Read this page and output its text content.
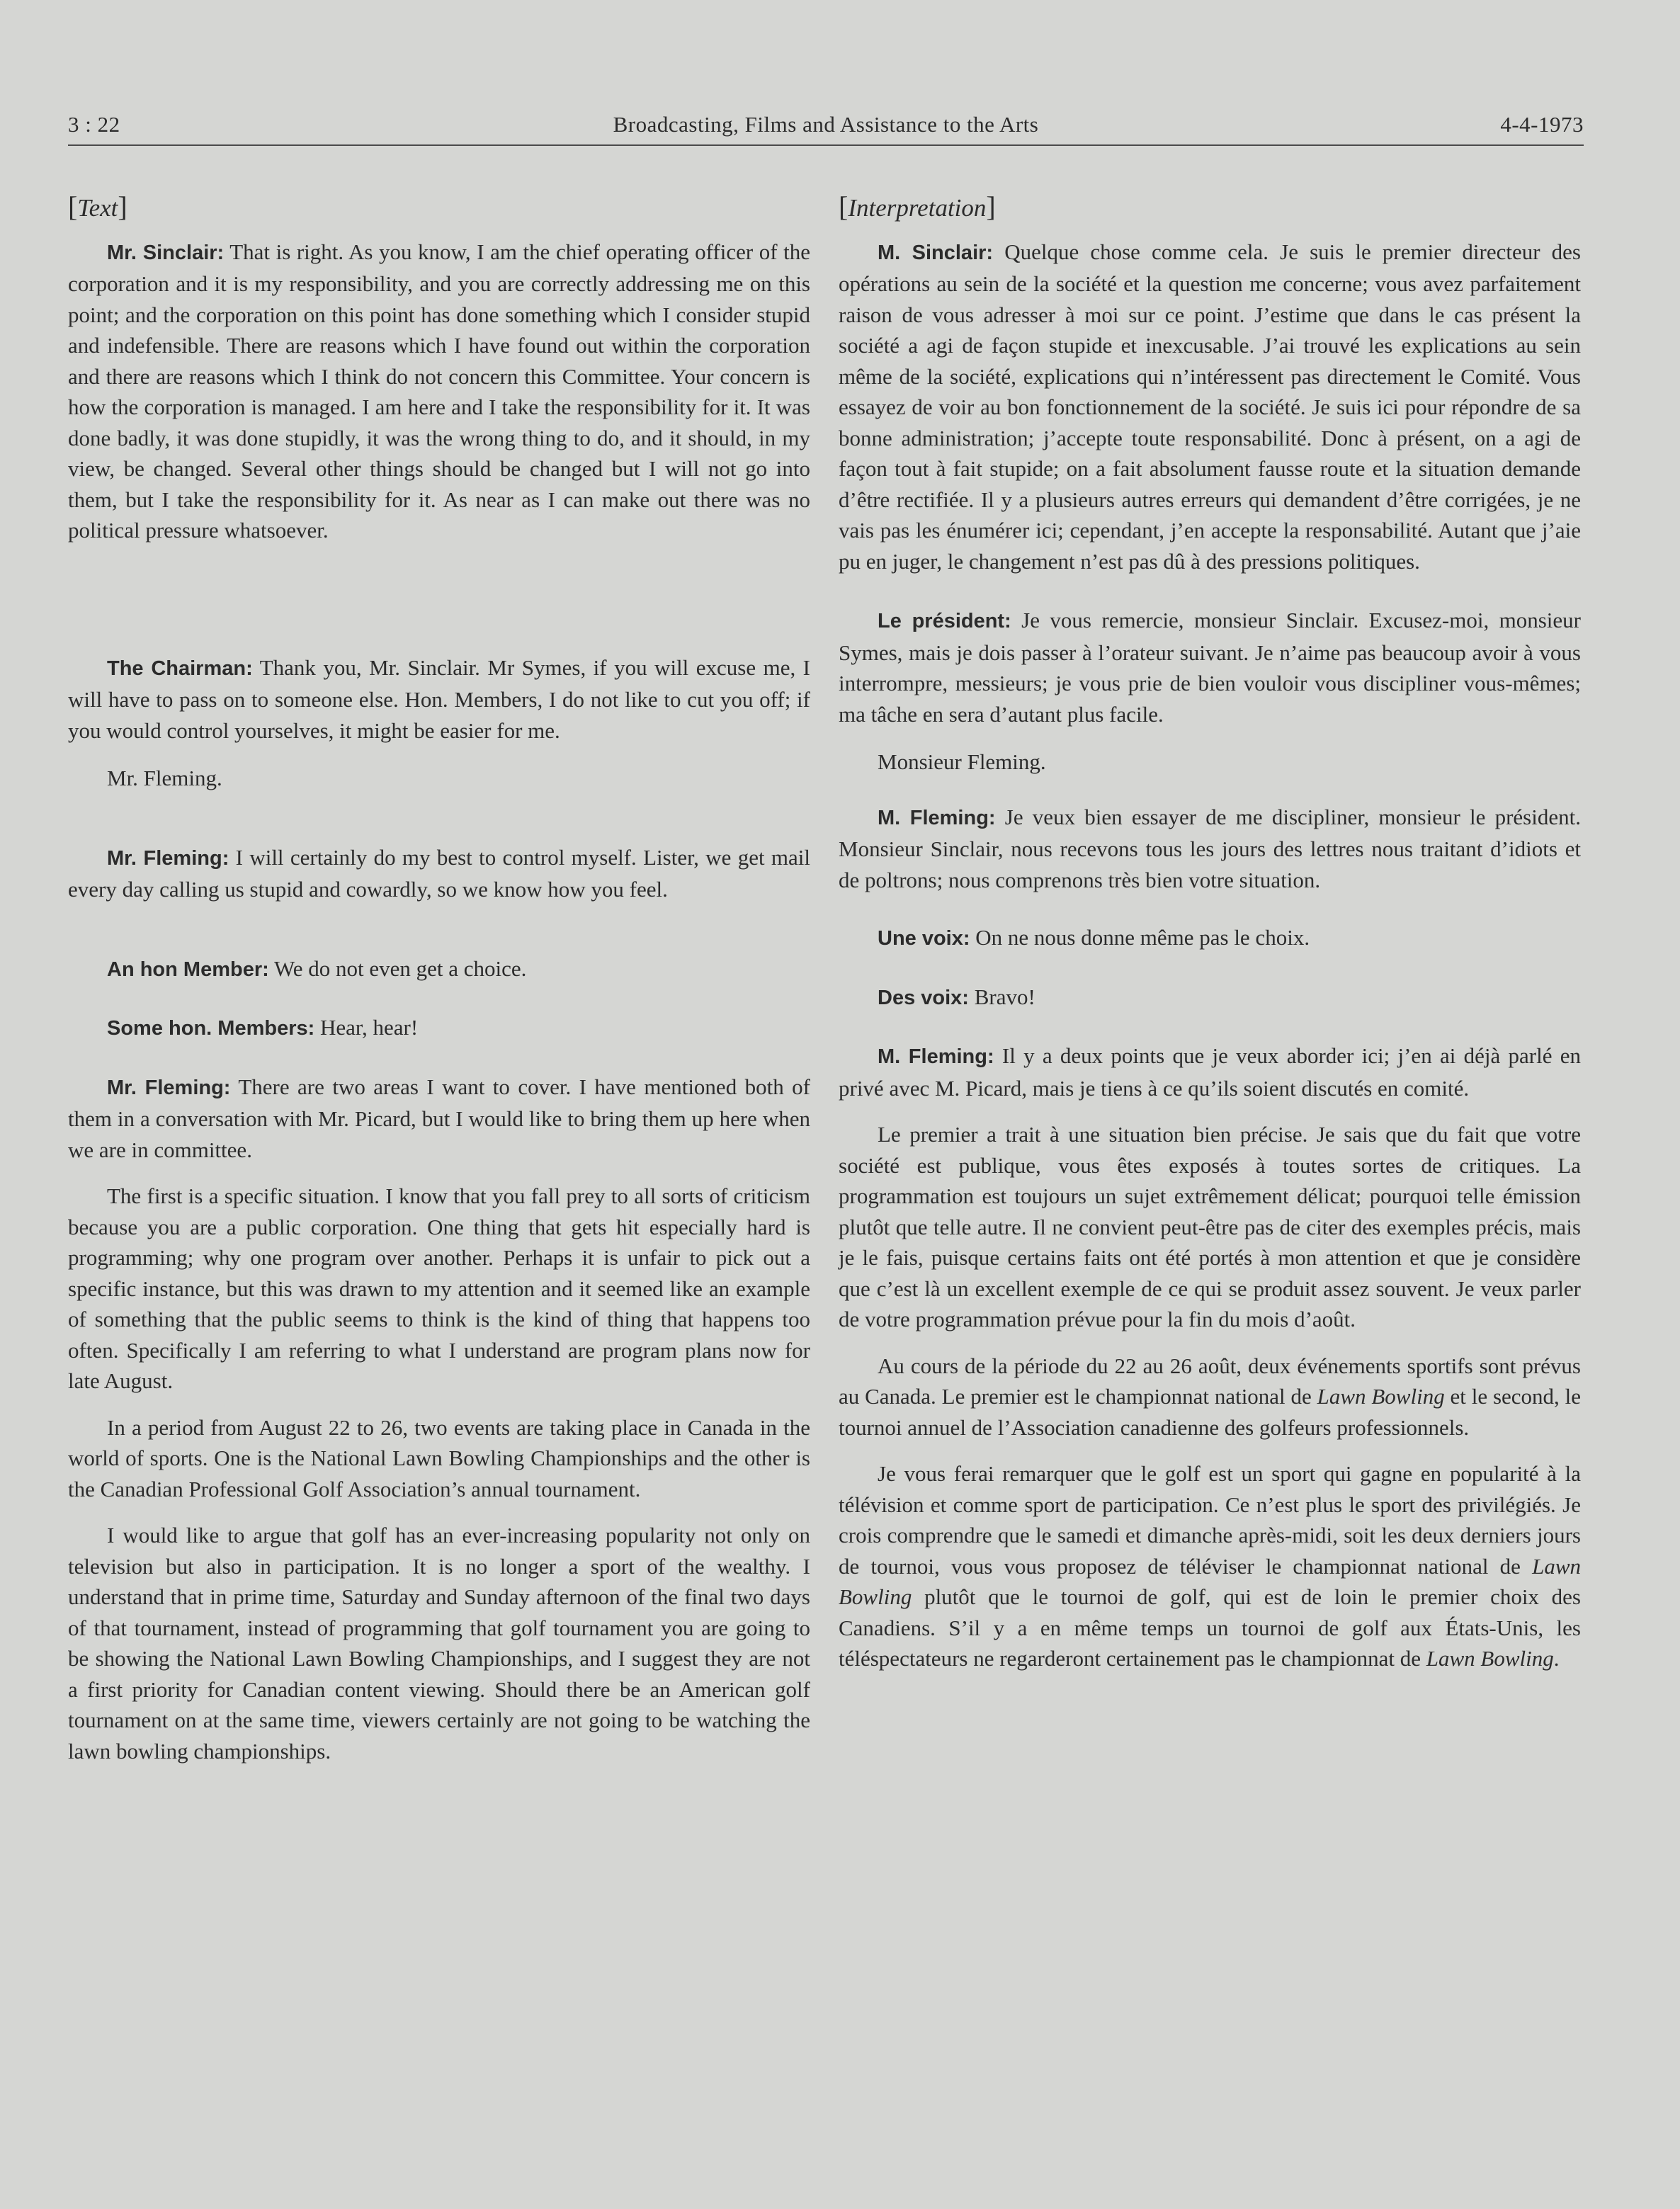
3 : 22	Broadcasting, Films and Assistance to the Arts	4-4-1973
[Text]

Mr. Sinclair: That is right. As you know, I am the chief operating officer of the corporation and it is my responsibility, and you are correctly addressing me on this point; and the corporation on this point has done something which I consider stupid and indefensible. There are reasons which I have found out within the corporation and there are reasons which I think do not concern this Committee. Your concern is how the corporation is managed. I am here and I take the responsibility for it. It was done badly, it was done stupidly, it was the wrong thing to do, and it should, in my view, be changed. Several other things should be changed but I will not go into them, but I take the responsibility for it. As near as I can make out there was no political pressure whatsoever.

The Chairman: Thank you, Mr. Sinclair. Mr Symes, if you will excuse me, I will have to pass on to someone else. Hon. Members, I do not like to cut you off; if you would control yourselves, it might be easier for me.

Mr. Fleming.

Mr. Fleming: I will certainly do my best to control myself. Lister, we get mail every day calling us stupid and cowardly, so we know how you feel.

An hon Member: We do not even get a choice.

Some hon. Members: Hear, hear!

Mr. Fleming: There are two areas I want to cover. I have mentioned both of them in a conversation with Mr. Picard, but I would like to bring them up here when we are in committee.

The first is a specific situation. I know that you fall prey to all sorts of criticism because you are a public corporation. One thing that gets hit especially hard is programming; why one program over another. Perhaps it is unfair to pick out a specific instance, but this was drawn to my attention and it seemed like an example of something that the public seems to think is the kind of thing that happens too often. Specifically I am referring to what I understand are program plans now for late August.

In a period from August 22 to 26, two events are taking place in Canada in the world of sports. One is the National Lawn Bowling Championships and the other is the Canadian Professional Golf Association’s annual tournament.

I would like to argue that golf has an ever-increasing popularity not only on television but also in participation. It is no longer a sport of the wealthy. I understand that in prime time, Saturday and Sunday afternoon of the final two days of that tournament, instead of programming that golf tournament you are going to be showing the National Lawn Bowling Championships, and I suggest they are not a first priority for Canadian content viewing. Should there be an American golf tournament on at the same time, viewers certainly are not going to be watching the lawn bowling championships.

[Interpretation]

M. Sinclair: Quelque chose comme cela. Je suis le premier directeur des opérations au sein de la société et la question me concerne; vous avez parfaitement raison de vous adresser à moi sur ce point. J’estime que dans le cas présent la société a agi de façon stupide et inexcusable. J’ai trouvé les explications au sein même de la société, explications qui n’intéressent pas directement le Comité. Vous essayez de voir au bon fonctionnement de la société. Je suis ici pour répondre de sa bonne administration; j’accepte toute responsabilité. Donc à présent, on a agi de façon tout à fait stupide; on a fait absolument fausse route et la situation demande d’être rectifiée. Il y a plusieurs autres erreurs qui demandent d’être corrigées, je ne vais pas les énumérer ici; cependant, j’en accepte la responsabilité. Autant que j’aie pu en juger, le changement n’est pas dû à des pressions politiques.

Le président: Je vous remercie, monsieur Sinclair. Excusez-moi, monsieur Symes, mais je dois passer à l’orateur suivant. Je n’aime pas beaucoup avoir à vous interrompre, messieurs; je vous prie de bien vouloir vous discipliner vous-mêmes; ma tâche en sera d’autant plus facile.

Monsieur Fleming.

M. Fleming: Je veux bien essayer de me discipliner, monsieur le président. Monsieur Sinclair, nous recevons tous les jours des lettres nous traitant d’idiots et de poltrons; nous comprenons très bien votre situation.

Une voix: On ne nous donne même pas le choix.

Des voix: Bravo!

M. Fleming: Il y a deux points que je veux aborder ici; j’en ai déjà parlé en privé avec M. Picard, mais je tiens à ce qu’ils soient discutés en comité.

Le premier a trait à une situation bien précise. Je sais que du fait que votre société est publique, vous êtes exposés à toutes sortes de critiques. La programmation est toujours un sujet extrêmement délicat; pourquoi telle émission plutôt que telle autre. Il ne convient peut-être pas de citer des exemples précis, mais je le fais, puisque certains faits ont été portés à mon attention et que je considère que c’est là un excellent exemple de ce qui se produit assez souvent. Je veux parler de votre programmation prévue pour la fin du mois d’août.

Au cours de la période du 22 au 26 août, deux événements sportifs sont prévus au Canada. Le premier est le championnat national de Lawn Bowling et le second, le tournoi annuel de l’Association canadienne des golfeurs professionnels.

Je vous ferai remarquer que le golf est un sport qui gagne en popularité à la télévision et comme sport de participation. Ce n’est plus le sport des privilégiés. Je crois comprendre que le samedi et dimanche après-midi, soit les deux derniers jours de tournoi, vous vous proposez de téléviser le championnat national de Lawn Bowling plutôt que le tournoi de golf, qui est de loin le premier choix des Canadiens. S’il y a en même temps un tournoi de golf aux États-Unis, les téléspectateurs ne regarderont certainement pas le championnat de Lawn Bowling.
